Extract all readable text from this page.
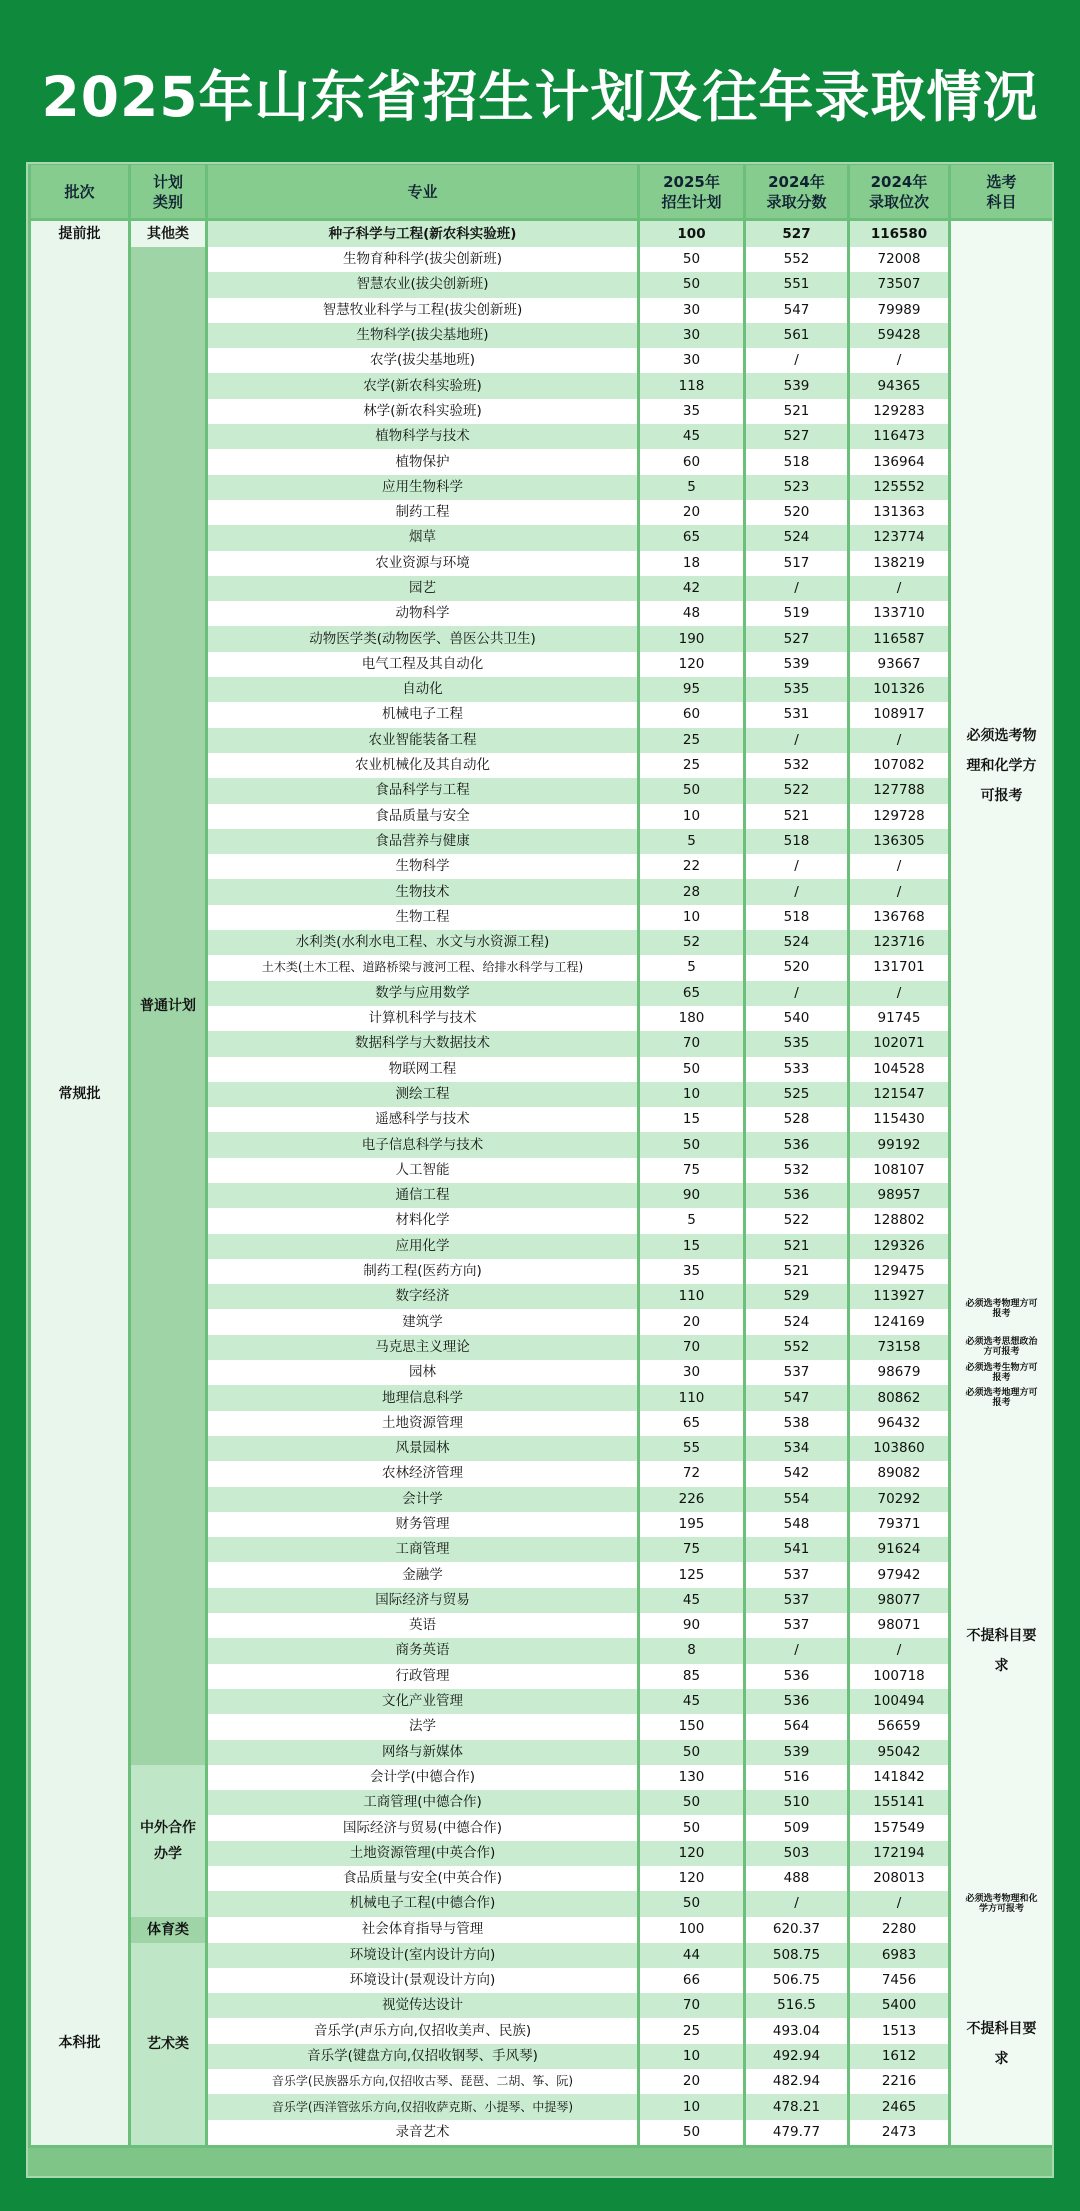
2025年山东省招生计划及往年录取情况
批次	计划类别	专业	2025年招生计划	2024年录取分数	2024年录取位次	选考科目
提前批	其他类	种子科学与工程(新农科实验班)	100	527	116580	
常规批	普通计划	生物育种科学(拔尖创新班)	50	552	72008	必须选考物理和化学方可报考
		智慧农业(拔尖创新班)	50	551	73507	
		智慧牧业科学与工程(拔尖创新班)	30	547	79989	
		生物科学(拔尖基地班)	30	561	59428	
		农学(拔尖基地班)	30	/	/	
		农学(新农科实验班)	118	539	94365	
		林学(新农科实验班)	35	521	129283	
		植物科学与技术	45	527	116473	
		植物保护	60	518	136964	
		应用生物科学	5	523	125552	
		制药工程	20	520	131363	
		烟草	65	524	123774	
		农业资源与环境	18	517	138219	
		园艺	42	/	/	
		动物科学	48	519	133710	
		动物医学类(动物医学、兽医公共卫生)	190	527	116587	
		电气工程及其自动化	120	539	93667	
		自动化	95	535	101326	
		机械电子工程	60	531	108917	
		农业智能装备工程	25	/	/	
		农业机械化及其自动化	25	532	107082	
		食品科学与工程	50	522	127788	
		食品质量与安全	10	521	129728	
		食品营养与健康	5	518	136305	
		生物科学	22	/	/	
		生物技术	28	/	/	
		生物工程	10	518	136768	
		水利类(水利水电工程、水文与水资源工程)	52	524	123716	
		土木类(土木工程、道路桥梁与渡河工程、给排水科学与工程)	5	520	131701	
		数学与应用数学	65	/	/	
		计算机科学与技术	180	540	91745	
		数据科学与大数据技术	70	535	102071	
		物联网工程	50	533	104528	
		测绘工程	10	525	121547	
		遥感科学与技术	15	528	115430	
		电子信息科学与技术	50	536	99192	
		人工智能	75	532	108107	
		通信工程	90	536	98957	
		材料化学	5	522	128802	
		应用化学	15	521	129326	
		制药工程(医药方向)	35	521	129475	
		数字经济	110	529	113927	必须选考物理方可报考
		建筑学	20	524	124169	
		马克思主义理论	70	552	73158	必须选考思想政治方可报考
		园林	30	537	98679	必须选考生物方可报考
		地理信息科学	110	547	80862	必须选考地理方可报考
		土地资源管理	65	538	96432	不提科目要求
		风景园林	55	534	103860	
		农林经济管理	72	542	89082	
		会计学	226	554	70292	
		财务管理	195	548	79371	
		工商管理	75	541	91624	
		金融学	125	537	97942	
		国际经济与贸易	45	537	98077	
		英语	90	537	98071	
		商务英语	8	/	/	
		行政管理	85	536	100718	
		文化产业管理	45	536	100494	
		法学	150	564	56659	
		网络与新媒体	50	539	95042	
	中外合作办学	会计学(中德合作)	130	516	141842	
		工商管理(中德合作)	50	510	155141	
		国际经济与贸易(中德合作)	50	509	157549	
		土地资源管理(中英合作)	120	503	172194	
		食品质量与安全(中英合作)	120	488	208013	
		机械电子工程(中德合作)	50	/	/	必须选考物理和化学方可报考
	体育类	社会体育指导与管理	100	620.37	2280	
本科批	艺术类	环境设计(室内设计方向)	44	508.75	6983	不提科目要求
		环境设计(景观设计方向)	66	506.75	7456	
		视觉传达设计	70	516.5	5400	
		音乐学(声乐方向,仅招收美声、民族)	25	493.04	1513	
		音乐学(键盘方向,仅招收钢琴、手风琴)	10	492.94	1612	
		音乐学(民族器乐方向,仅招收古琴、琵琶、二胡、筝、阮)	20	482.94	2216	
		音乐学(西洋管弦乐方向,仅招收萨克斯、小提琴、中提琴)	10	478.21	2465	
		录音艺术	50	479.77	2473	
